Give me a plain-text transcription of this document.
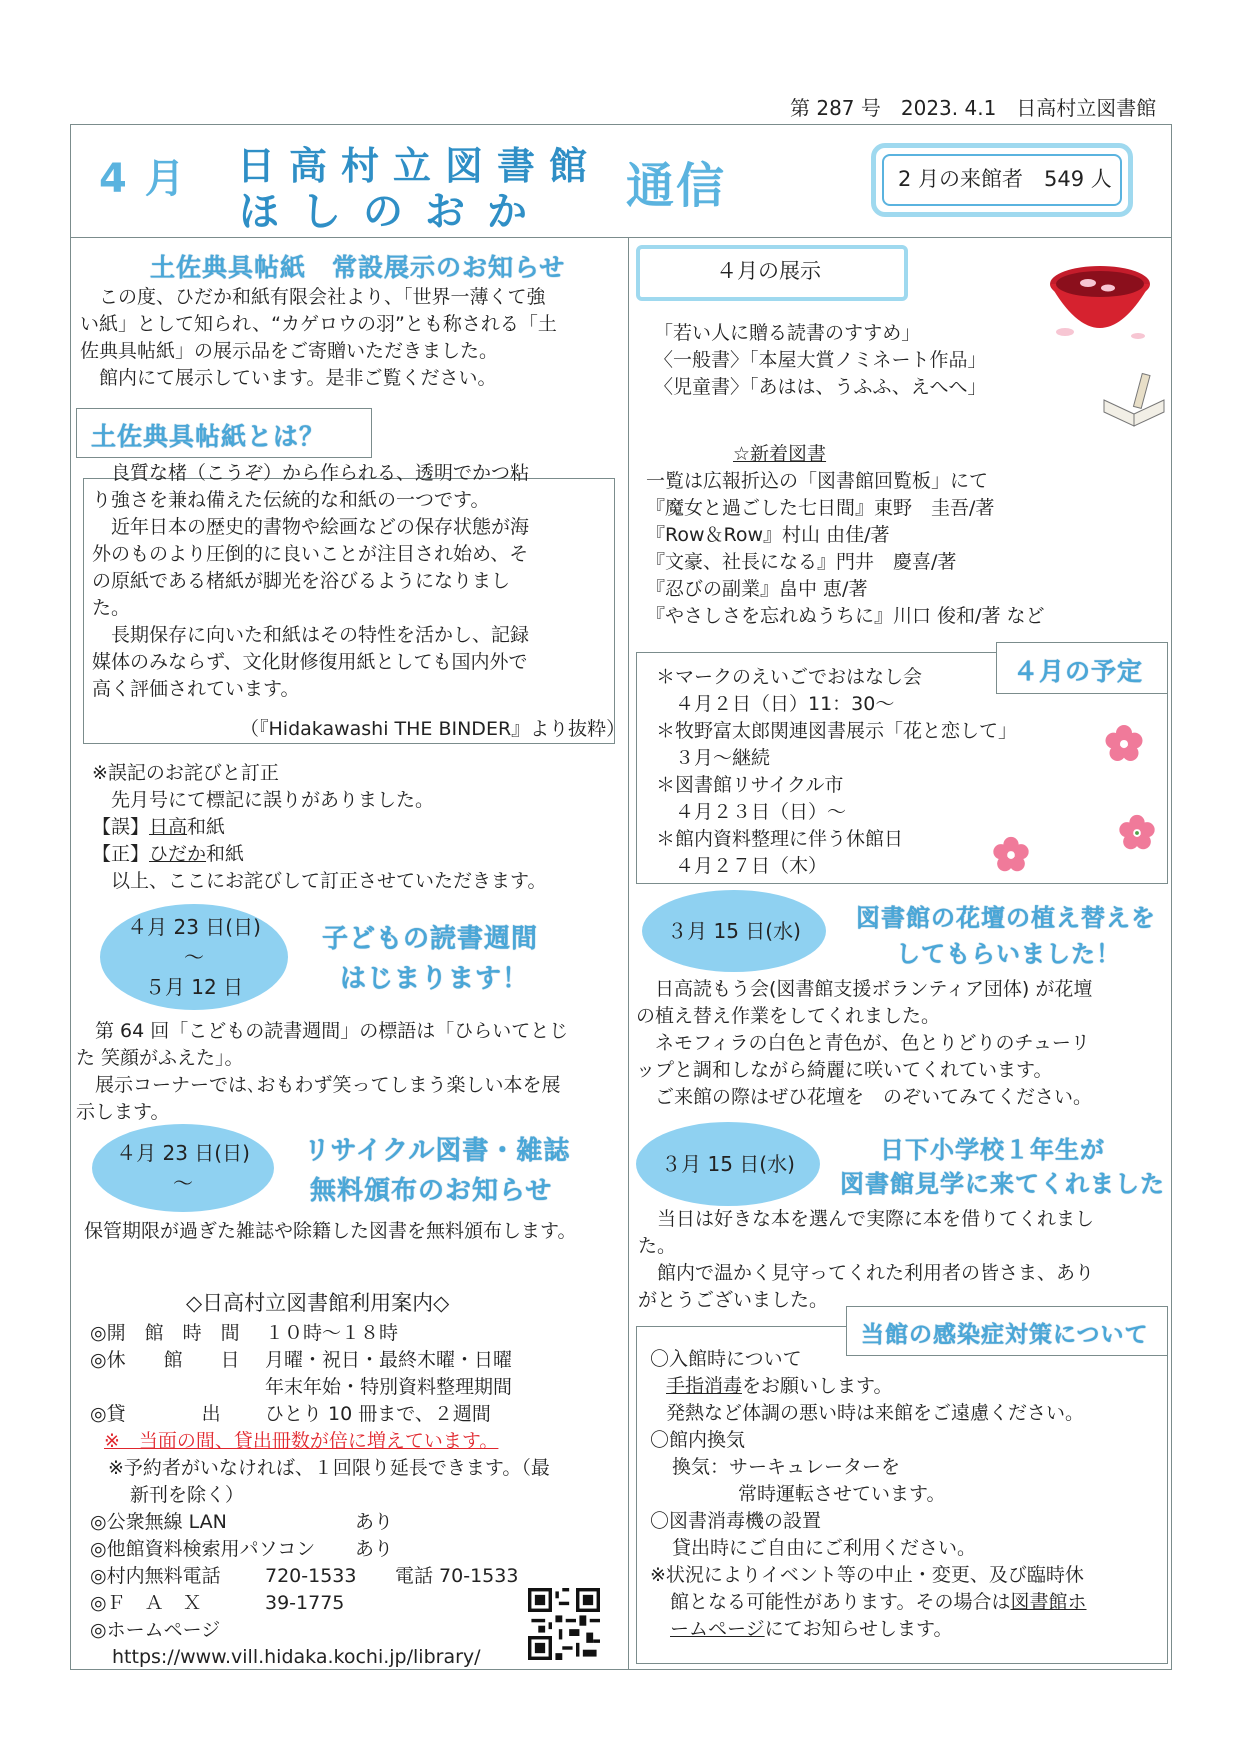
第 287 号　2023. 4.1　日高村立図書館
4 月 日高村立図書館
ほしのおか 通信	2 月の来館者　549 人
土佐典具帖紙　常設展示のお知らせ
　この度、ひだか和紙有限会社より、「世界一薄くて強
い紙」として知られ、“カゲロウの羽”とも称される「土
佐典具帖紙」の展示品をご寄贈いただきました。
　館内にて展示しています。是非ご覧ください。
土佐典具帖紙とは？
　良質な楮（こうぞ）から作られる、透明でかつ粘
り強さを兼ね備えた伝統的な和紙の一つです。
　近年日本の歴史的書物や絵画などの保存状態が海
外のものより圧倒的に良いことが注目され始め、そ
の原紙である楮紙が脚光を浴びるようになりまし
た。
　長期保存に向いた和紙はその特性を活かし、記録
媒体のみならず、文化財修復用紙としても国内外で
高く評価されています。
（『Hidakawashi THE BINDER』より抜粋）
※誤記のお詫びと訂正
　先月号にて標記に誤りがありました。
【誤】日高和紙
【正】ひだか和紙
　以上、ここにお詫びして訂正させていただきます。
４月 23 日(日)
～
５月 12 日
子どもの読書週間
はじまります！
　第 64 回「こどもの読書週間」の標語は「ひらいてとじ
た 笑顔がふえた」。
　展示コーナーでは､おもわず笑ってしまう楽しい本を展
示します。
４月 23 日(日)
～
リサイクル図書・雑誌
無料頒布のお知らせ
保管期限が過ぎた雑誌や除籍した図書を無料頒布します。
◇日高村立図書館利用案内◇
◎開　館　時　間 １０時～１８時
◎休　　館　　日 月曜・祝日・最終木曜・日曜
年末年始・特別資料整理期間
◎貸　　　　出 ひとり 10 冊まで、２週間
※　当面の間、貸出冊数が倍に増えています。
※予約者がいなければ、１回限り延長できます。（最
新刊を除く）
◎公衆無線 LAN	あり
◎他館資料検索用パソコン あり
◎村内無料電話 720-1533 電話 70-1533
◎Ｆ　Ａ　Ｘ	39-1775
◎ホームページ
https://www.vill.hidaka.kochi.jp/library/
４月の展示
「若い人に贈る読書のすすめ」
〈一般書〉「本屋大賞ノミネート作品」
〈児童書〉「あはは、うふふ、えへへ」
☆新着図書
一覧は広報折込の「図書館回覧板」にて
『魔女と過ごした七日間』東野　圭吾/著
『Row＆Row』村山 由佳/著
『文豪、社長になる』門井　慶喜/著
『忍びの副業』畠中 恵/著
『やさしさを忘れぬうちに』川口 俊和/著 など
４月の予定
＊マークのえいごでおはなし会
　４月２日（日）11：30～
＊牧野富太郎関連図書展示「花と恋して」
　３月～継続
＊図書館リサイクル市
　４月２３日（日）～
＊館内資料整理に伴う休館日
　４月２７日（木）
３月 15 日(水) 図書館の花壇の植え替えを
してもらいました！
　日高読もう会(図書館支援ボランティア団体) が花壇
の植え替え作業をしてくれました。
　ネモフィラの白色と青色が、色とりどりのチューリ
ップと調和しながら綺麗に咲いてくれています。
　ご来館の際はぜひ花壇を　のぞいてみてください。
３月 15 日(水)	日下小学校１年生が
図書館見学に来てくれました
　当日は好きな本を選んで実際に本を借りてくれまし
た。
　館内で温かく見守ってくれた利用者の皆さま、あり
がとうございました。
当館の感染症対策について
〇入館時について
手指消毒をお願いします。
発熱など体調の悪い時は来館をご遠慮ください。
〇館内換気
換気：サーキュレーターを
常時運転させています。
〇図書消毒機の設置
貸出時にご自由にご利用ください。
※状況によりイベント等の中止・変更、及び臨時休
館となる可能性があります。その場合は図書館ホ
ームページにてお知らせします。
